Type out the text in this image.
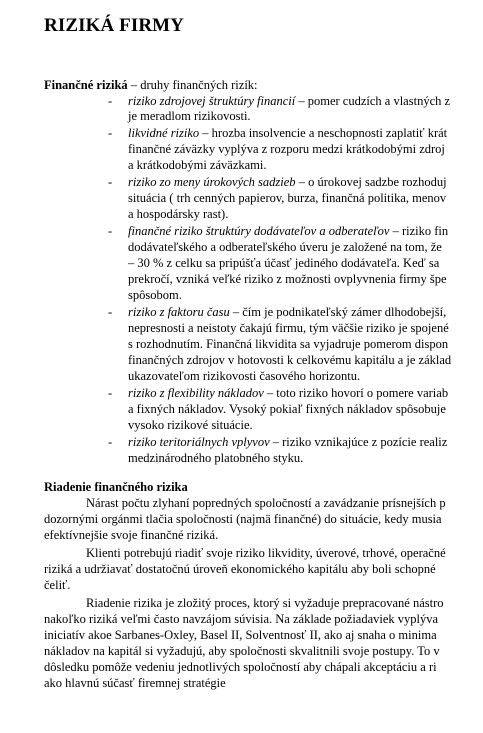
RIZIKÁ FIRMY
Finančné riziká – druhy finančných rizík:
- riziko zdrojovej štruktúry financií – pomer cudzích a vlastných z
je meradlom rizikovosti.
- likvidné riziko – hrozba insolvencie a neschopnosti zaplatiť krát
finančné záväzky vyplýva z rozporu medzi krátkodobými zdroj
a krátkodobými záväzkami.
- riziko zo meny úrokových sadzieb – o úrokovej sadzbe rozhoduj
situácia ( trh cenných papierov, burza, finančná politika, menov
a hospodársky rast).
- finančné riziko štruktúry dodávateľov a odberateľov – riziko fin
dodávateľského a odberateľského úveru je založené na tom, že
– 30 % z celku sa pripúšťa účasť jediného dodávateľa. Keď sa
prekročí, vzniká veľké riziko z možnosti ovplyvnenia firmy špe
spôsobom.
- riziko z faktoru času – čím je podnikateľský zámer dlhodobejší,
nepresnosti a neistoty čakajú firmu, tým väčšie riziko je spojené
s rozhodnutím. Finančná likvidita sa vyjadruje pomerom dispon
finančných zdrojov v hotovosti k celkovému kapitálu a je základ
ukazovateľom rizikovosti časového horizontu.
- riziko z flexibility nákladov – toto riziko hovorí o pomere variab
a fixných nákladov. Vysoký pokiaľ fixných nákladov spôsobuje
vysoko rizikové situácie.
- riziko teritoriálnych vplyvov – riziko vznikajúce z pozície realiz
medzinárodného platobného styku.
Riadenie finančného rizika
Nárast počtu zlyhaní popredných spoločností a zavádzanie prísnejších p
dozornými orgánmi tlačia spoločnosti (najmä finančné) do situácie, kedy musia
efektívnejšie svoje finančné riziká.
Klienti potrebujú riadiť svoje riziko likvidity, úverové, trhové, operačné
riziká a udržiavať dostatočnú úroveň ekonomického kapitálu aby boli schopné
čeliť.
Riadenie rizika je zložitý proces, ktorý si vyžaduje prepracované nástro
nakoľko riziká veľmi často navzájom súvisia. Na základe požiadaviek vyplýva
iniciatív akoe Sarbanes-Oxley, Basel II, Solventnosť II, ako aj snaha o minima
nákladov na kapitál si vyžadujú, aby spoločnosti skvalitnili svoje postupy. To v
dôsledku pomôže vedeniu jednotlivých spoločností aby chápali akceptáciu a ri
ako hlavnú súčasť firemnej stratégie
